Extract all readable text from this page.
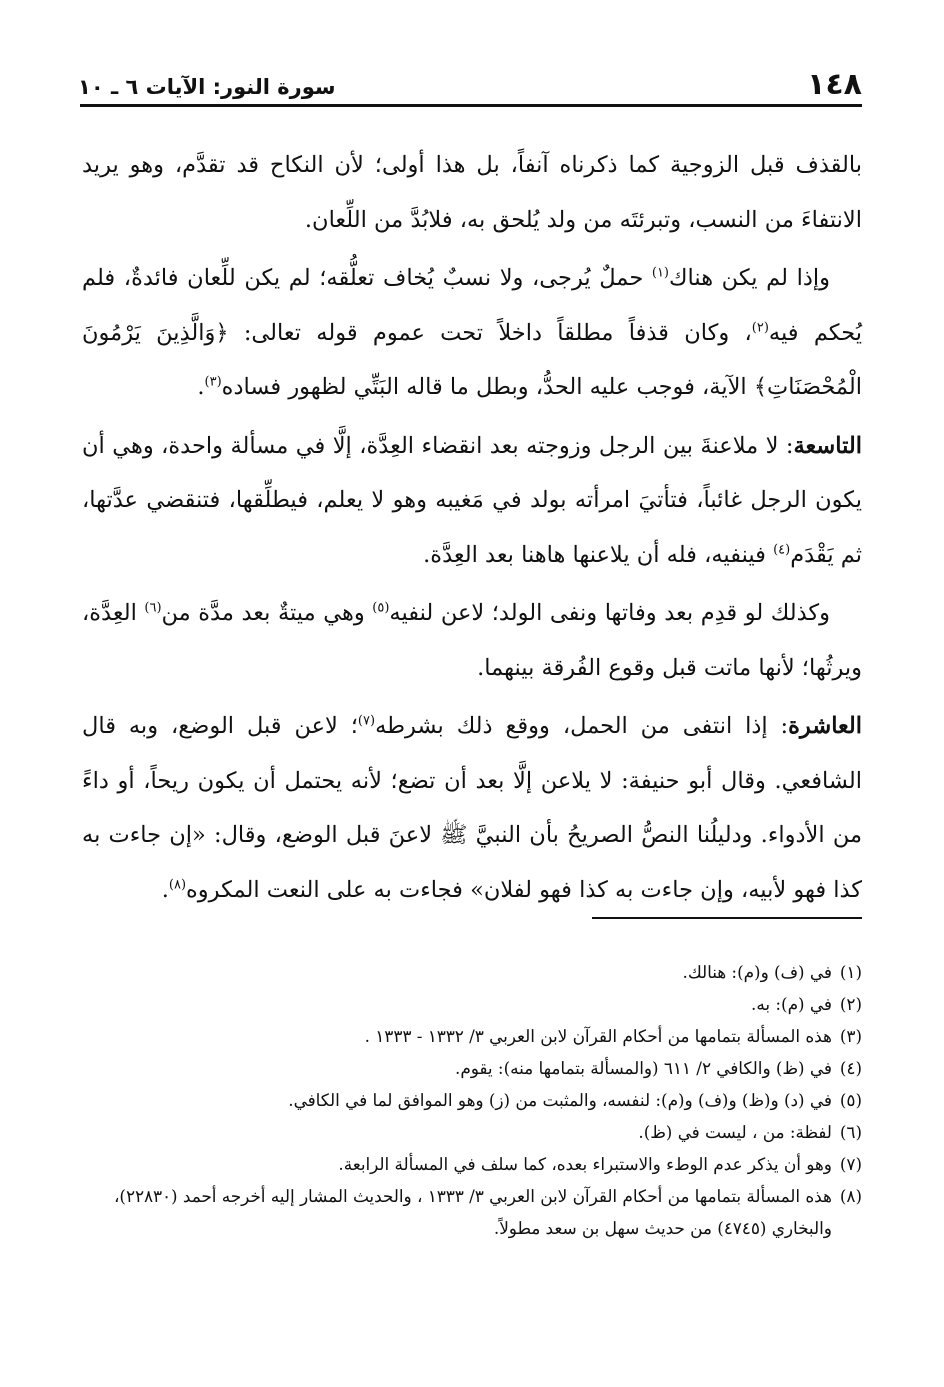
١٤٨
سورة النور: الآيات ٦ ـ ١٠

بالقذف قبل الزوجية كما ذكرناه آنفاً، بل هذا أولى؛ لأن النكاح قد تقدَّم، وهو يريد الانتفاءَ من النسب، وتبرئتَه من ولد يُلحق به، فلابُدَّ من اللِّعان.

وإذا لم يكن هناك$^{(١)}$ حملٌ يُرجى، ولا نسبٌ يُخاف تعلُّقه؛ لم يكن للِّعان فائدةٌ، فلم يُحكم فيه$^{(٢)}$، وكان قذفاً مطلقاً داخلاً تحت عموم قوله تعالى: ﴿وَالَّذِينَ يَرْمُونَ الْمُحْصَنَاتِ﴾ الآية، فوجب عليه الحدُّ، وبطل ما قاله البَتِّي لظهور فساده$^{(٣)}$.

التاسعة: لا ملاعنةَ بين الرجل وزوجته بعد انقضاء العِدَّة، إلَّا في مسألة واحدة، وهي أن يكون الرجل غائباً، فتأتيَ امرأته بولد في مَغيبه وهو لا يعلم، فيطلِّقها، فتنقضي عدَّتها، ثم يَقْدَم$^{(٤)}$ فينفيه، فله أن يلاعنها هاهنا بعد العِدَّة.

وكذلك لو قدِم بعد وفاتها ونفى الولد؛ لاعن لنفيه$^{(٥)}$ وهي ميتةٌ بعد مدَّة من$^{(٦)}$ العِدَّة، ويرثُها؛ لأنها ماتت قبل وقوع الفُرقة بينهما.

العاشرة: إذا انتفى من الحمل، ووقع ذلك بشرطه$^{(٧)}$؛ لاعن قبل الوضع، وبه قال الشافعي. وقال أبو حنيفة: لا يلاعن إلَّا بعد أن تضع؛ لأنه يحتمل أن يكون ريحاً، أو داءً من الأدواء. ودليلُنا النصُّ الصريحُ بأن النبيَّ ﷺ لاعنَ قبل الوضع، وقال: «إن جاءت به كذا فهو لأبيه، وإن جاءت به كذا فهو لفلان» فجاءت به على النعت المكروه$^{(٨)}$.

(١)
في (ف) و(م): هنالك.
(٢)
في (م): به.
(٣)
هذه المسألة بتمامها من أحكام القرآن لابن العربي ٣/ ١٣٣٢ - ١٣٣٣ .
(٤)
في (ظ) والكافي ٢/ ٦١١ (والمسألة بتمامها منه): يقوم.
(٥)
في (د) و(ظ) و(ف) و(م): لنفسه، والمثبت من (ز) وهو الموافق لما في الكافي.
(٦)
لفظة: من ، ليست في (ظ).
(٧)
وهو أن يذكر عدم الوطء والاستبراء بعده، كما سلف في المسألة الرابعة.
(٨)
هذه المسألة بتمامها من أحكام القرآن لابن العربي ٣/ ١٣٣٣ ، والحديث المشار إليه أخرجه أحمد (٢٢٨٣٠)، والبخاري (٤٧٤٥) من حديث سهل بن سعد مطولاً.
